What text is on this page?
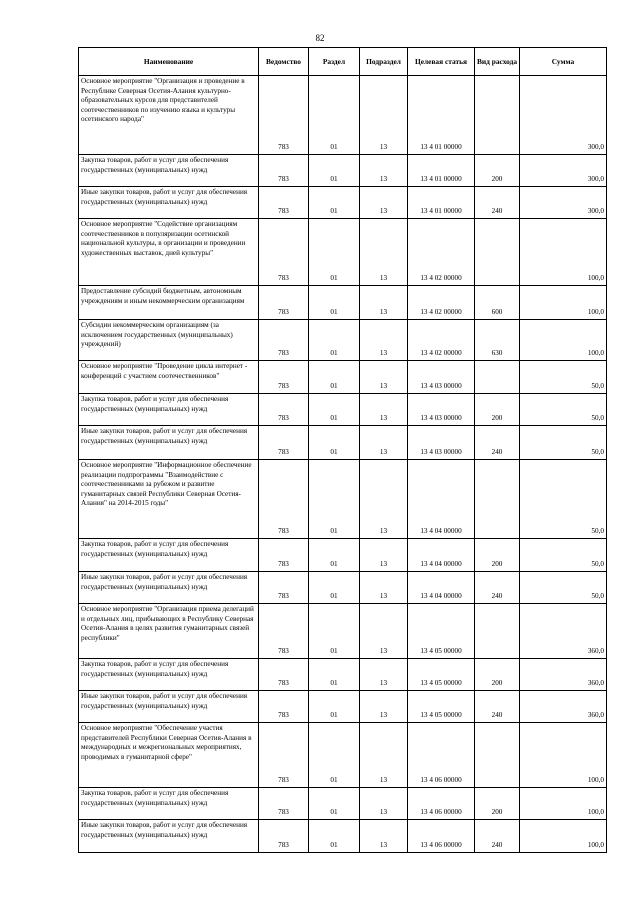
82
Наименование	Ведомство	Раздел	Подраздел	Целевая статья	Вид расхода	Сумма
Основное мероприятие "Организация и проведение в Республике Северная Осетия-Алания культурно-образовательных курсов для представителей соотечественников по изучению языка и культуры осетинского народа"	783	01	13	13 4 01 00000		300,0
Закупка товаров, работ и услуг для обеспечения государственных (муниципальных) нужд	783	01	13	13 4 01 00000	200	300,0
Иные закупки товаров, работ и услуг для обеспечения государственных (муниципальных) нужд	783	01	13	13 4 01 00000	240	300,0
Основное мероприятие "Содействие организациям соотечественников в популяризации осетинской национальной культуры, в организации и проведении художественных выставок, дней культуры"	783	01	13	13 4 02 00000		100,0
Предоставление субсидий бюджетным, автономным учреждениям и иным некоммерческим организациям	783	01	13	13 4 02 00000	600	100,0
Субсидии некоммерческим организациям (за исключением государственных (муниципальных) учреждений)	783	01	13	13 4 02 00000	630	100,0
Основное мероприятие "Проведение цикла интернет - конференций с участием соотечественников"	783	01	13	13 4 03 00000		50,0
Закупка товаров, работ и услуг для обеспечения государственных (муниципальных) нужд	783	01	13	13 4 03 00000	200	50,0
Иные закупки товаров, работ и услуг для обеспечения государственных (муниципальных) нужд	783	01	13	13 4 03 00000	240	50,0
Основное мероприятие "Информационное обеспечение реализации подпрограммы "Взаимодействие с соотечественниками за рубежом и развитие гуманитарных связей Республики Северная Осетия-Алания" на 2014-2015 годы"	783	01	13	13 4 04 00000		50,0
Закупка товаров, работ и услуг для обеспечения государственных (муниципальных) нужд	783	01	13	13 4 04 00000	200	50,0
Иные закупки товаров, работ и услуг для обеспечения государственных (муниципальных) нужд	783	01	13	13 4 04 00000	240	50,0
Основное мероприятие "Организация приема делегаций и отдельных лиц, прибывающих в Республику Северная Осетия-Алания в целях развития гуманитарных связей республики"	783	01	13	13 4 05 00000		360,0
Закупка товаров, работ и услуг для обеспечения государственных (муниципальных) нужд	783	01	13	13 4 05 00000	200	360,0
Иные закупки товаров, работ и услуг для обеспечения государственных (муниципальных) нужд	783	01	13	13 4 05 00000	240	360,0
Основное мероприятие "Обеспечение участия представителей Республики Северная Осетия-Алания в международных и межрегиональных мероприятиях, проводимых в гуманитарной сфере"	783	01	13	13 4 06 00000		100,0
Закупка товаров, работ и услуг для обеспечения государственных (муниципальных) нужд	783	01	13	13 4 06 00000	200	100,0
Иные закупки товаров, работ и услуг для обеспечения государственных (муниципальных) нужд	783	01	13	13 4 06 00000	240	100,0
